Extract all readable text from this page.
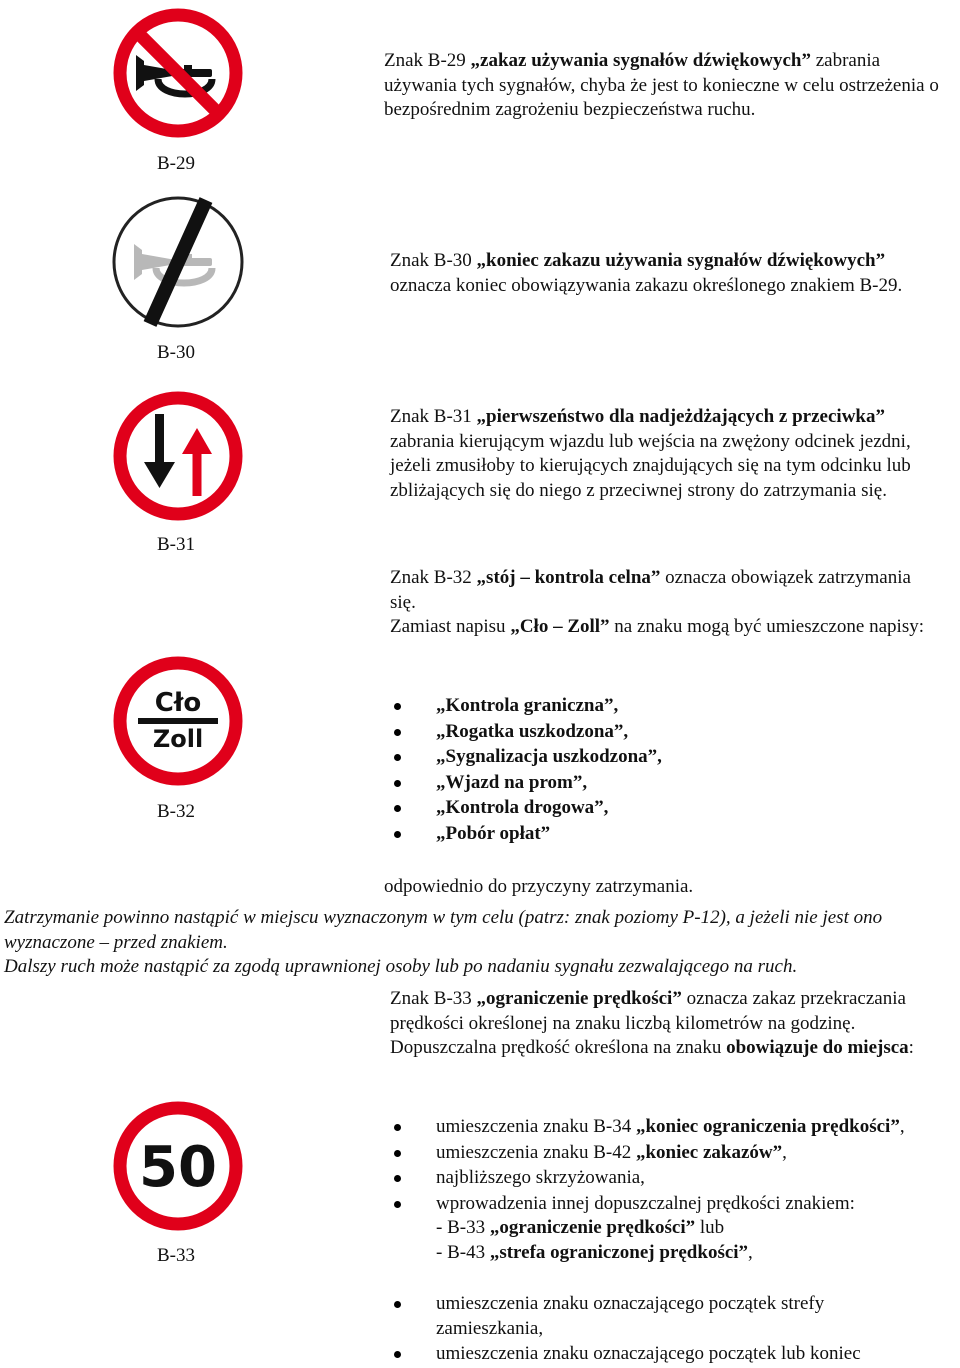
B-29

Znak B-29 „zakaz używania sygnałów dźwiękowych” zabrania używania tych sygnałów, chyba że jest to konieczne w celu ostrzeżenia o bezpośrednim zagrożeniu bezpieczeństwa ruchu.

B-30

Znak B-30 „koniec zakazu używania sygnałów dźwiękowych”

oznacza koniec obowiązywania zakazu określonego znakiem B-29.

B-31

Znak B-31 „pierwszeństwo dla nadjeżdżających z przeciwka” zabrania kierującym wjazdu lub wejścia na zwężony odcinek jezdni, jeżeli zmusiłoby to kierujących znajdujących się na tym odcinku lub zbliżających się do niego z przeciwnej strony do zatrzymania się.

Cło
Zoll
B-32

Znak B-32 „stój – kontrola celna” oznacza obowiązek zatrzymania się.

Zamiast napisu „Cło – Zoll” na znaku mogą być umieszczone napisy:

„Kontrola graniczna”,
„Rogatka uszkodzona”,
„Sygnalizacja uszkodzona”,
„Wjazd na prom”,
„Kontrola drogowa”,
„Pobór opłat”
odpowiednio do przyczyny zatrzymania.
Zatrzymanie powinno nastąpić w miejscu wyznaczonym w tym celu (patrz: znak poziomy P-12), a jeżeli nie jest ono wyznaczone – przed znakiem.
Dalszy ruch może nastąpić za zgodą uprawnionej osoby lub po nadaniu sygnału zezwalającego na ruch.

Znak B-33 „ograniczenie prędkości” oznacza zakaz przekraczania prędkości określonej na znaku liczbą kilometrów na godzinę.

Dopuszczalna prędkość określona na znaku obowiązuje do miejsca:

50
B-33
umieszczenia znaku B-34 „koniec ograniczenia prędkości”,
umieszczenia znaku B-42 „koniec zakazów”,
najbliższego skrzyżowania,
wprowadzenia innej dopuszczalnej prędkości znakiem:
- B-33 „ograniczenie prędkości” lub
- B-43 „strefa ograniczonej prędkości”,
umieszczenia znaku oznaczającego początek strefy zamieszkania,
umieszczenia znaku oznaczającego początek lub koniec
